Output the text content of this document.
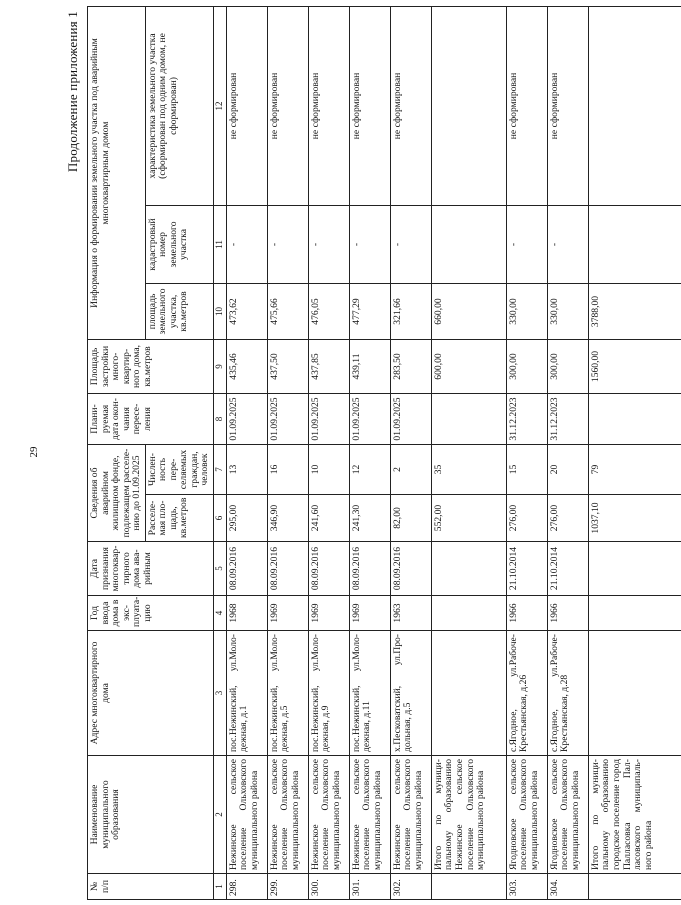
29
Продолжение приложения 1
№ п/п	Наименование муниципального образования	Адрес многоквартирного дома	Год ввода дома в экс-плуата-цию	Дата признания многоквар-тирного дома ава-рийным	Сведения об аварийном жилищном фонде, подлежащем расселе-нию до 01.09.2025		Плани-руемая дата окон-чания пересе-ления	Площадь застройки много-квартир-ного дома, кв.метров	Информация о формировании земельного участка под аварийным многоквартирным домом		
					Расселе-мая пло-щадь, кв.метров	Числен-ность пере-селяемых граждан, человек			площадь земельного участка, кв.метров	кадастровый номер земельного участка	характеристика земельного участка (сформирован под одним домом, не сформирован)
1	2	3	4	5	6	7	8	9	10	11	12
298.	Нежинское сельское поселение Ольховского муниципального района	пос.Нежинский, ул.Моло-дежная, д.1	1968	08.09.2016	295,00	13	01.09.2025	435,46	473,62	-	не сформирован
299.	Нежинское сельское поселение Ольховского муниципального района	пос.Нежинский, ул.Моло-дежная, д.5	1969	08.09.2016	346,90	16	01.09.2025	437,50	475,66	-	не сформирован
300.	Нежинское сельское поселение Ольховского муниципального района	пос.Нежинский, ул.Моло-дежная, д.9	1969	08.09.2016	241,60	10	01.09.2025	437,85	476,05	-	не сформирован
301.	Нежинское сельское поселение Ольховского муниципального района	пос.Нежинский, ул.Моло-дежная, д.11	1969	08.09.2016	241,30	12	01.09.2025	439,11	477,29	-	не сформирован
302.	Нежинское сельское поселение Ольховского муниципального района	х.Песковатский, ул.Про-дольная, д.5	1963	08.09.2016	82,00	2	01.09.2025	283,50	321,66	-	не сформирован
	Итого по муници-пальному образованию Нежинское сельское поселение Ольховского муниципального района				552,00	35		600,00	660,00		
303.	Ягодновское сельское поселение Ольховского муниципального района	с.Ягодное, ул.Рабоче-Крестьянская, д.26	1966	21.10.2014	276,00	15	31.12.2023	300,00	330,00	-	не сформирован
304.	Ягодновское сельское поселение Ольховского муниципального района	с.Ягодное, ул.Рабоче-Крестьянская, д.28	1966	21.10.2014	276,00	20	31.12.2023	300,00	330,00	-	не сформирован
	Итого по муници-пальному образованию городское поселение город Палласовка Пал-ласовского муниципаль-ного района				1037,10	79		1560,00	3788,00		
